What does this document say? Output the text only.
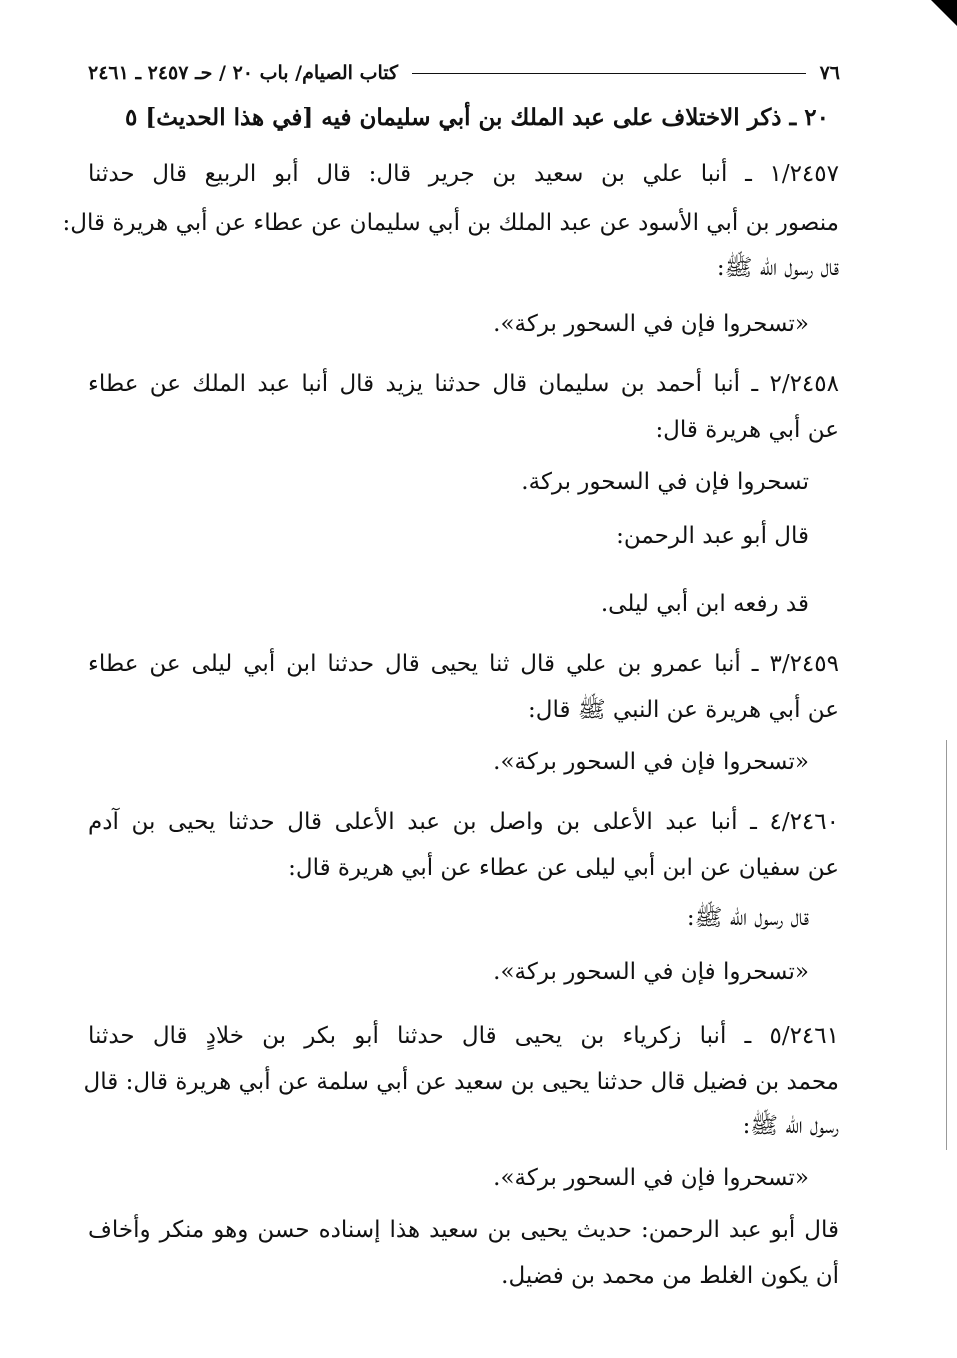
٧٦
كتاب الصيام/ باب ٢٠ / حـ ٢٤٥٧ ـ ٢٤٦١
٢٠ ـ ذكر الاختلاف على عبد الملك بن أبي سليمان فيه [في هذا الحديث] ٥
١/٢٤٥٧ ـ أنبا علي بن سعيد بن جرير قال: قال أبو الربيع قال حدثنا
منصور بن أبي الأسود عن عبد الملك بن أبي سليمان عن عطاء عن أبي هريرة قال:
قال رسول الله ﷺ:
«تسحروا فإن في السحور بركة».
٢/٢٤٥٨ ـ أنبا أحمد بن سليمان قال حدثنا يزيد قال أنبا عبد الملك عن عطاء
عن أبي هريرة قال:
تسحروا فإن في السحور بركة.
قال أبو عبد الرحمن:
قد رفعه ابن أبي ليلى.
٣/٢٤٥٩ ـ أنبا عمرو بن علي قال ثنا يحيى قال حدثنا ابن أبي ليلى عن عطاء
عن أبي هريرة عن النبي ﷺ قال:
«تسحروا فإن في السحور بركة».
٤/٢٤٦٠ ـ أنبا عبد الأعلى بن واصل بن عبد الأعلى قال حدثنا يحيى بن آدم
عن سفيان عن ابن أبي ليلى عن عطاء عن أبي هريرة قال:
قال رسول الله ﷺ:
«تسحروا فإن في السحور بركة».
٥/٢٤٦١ ـ أنبا زكرياء بن يحيى قال حدثنا أبو بكر بن خلادٍ قال حدثنا
محمد بن فضيل قال حدثنا يحيى بن سعيد عن أبي سلمة عن أبي هريرة قال: قال
رسول الله ﷺ:
«تسحروا فإن في السحور بركة».
قال أبو عبد الرحمن: حديث يحيى بن سعيد هذا إسناده حسن وهو منكر وأخاف
أن يكون الغلط من محمد بن فضيل.
